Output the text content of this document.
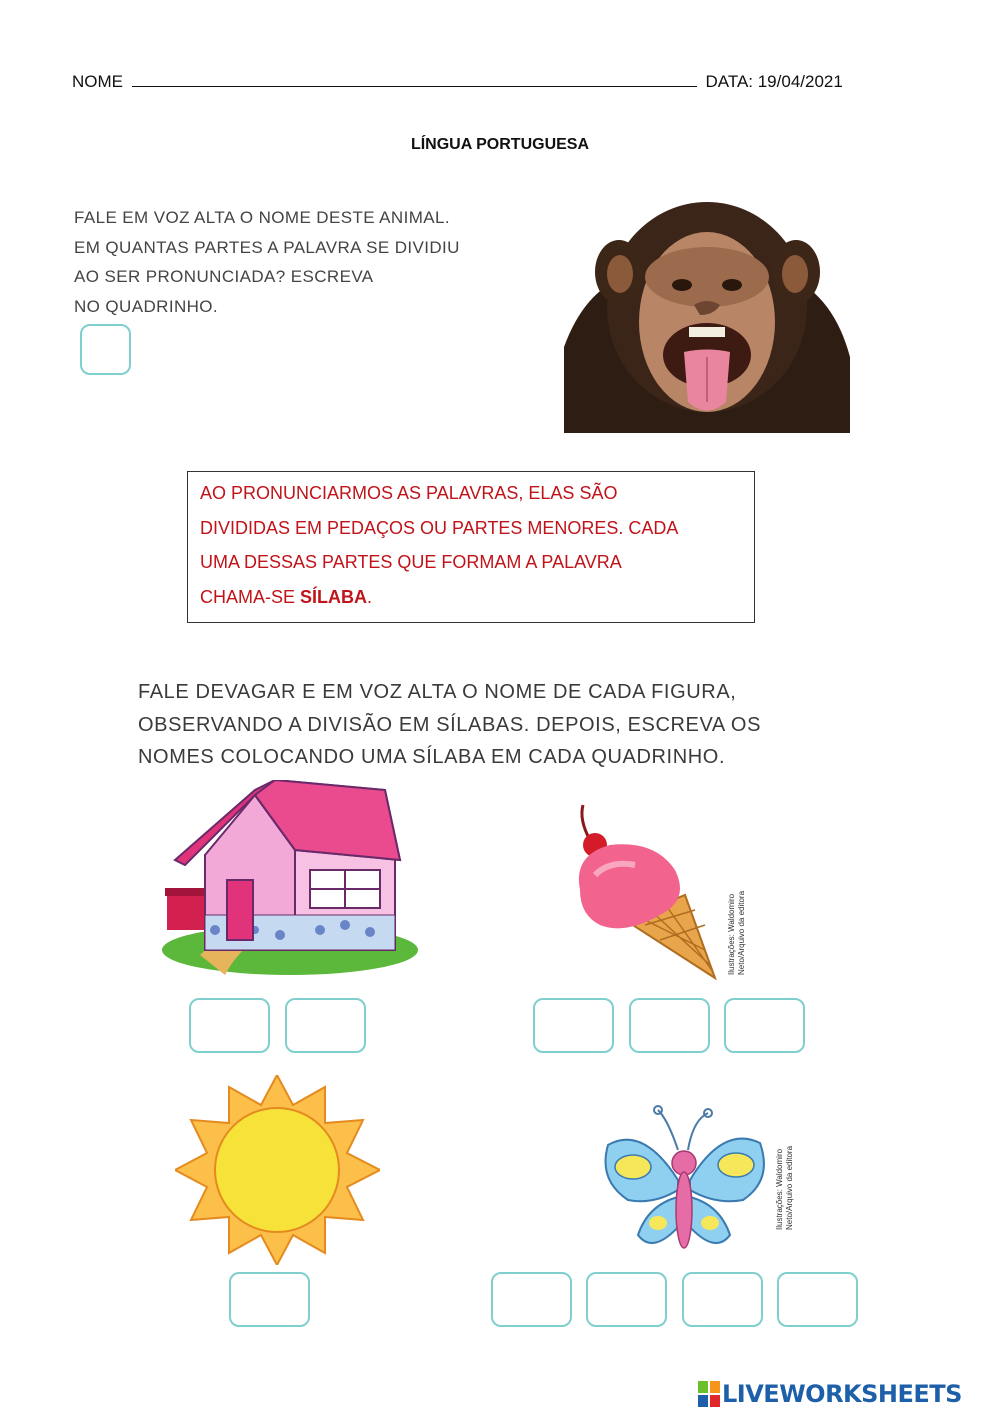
NOME	DATA: 19/04/2021
LÍNGUA PORTUGUESA
FALE EM VOZ ALTA O NOME DESTE ANIMAL.
EM QUANTAS PARTES A PALAVRA SE DIVIDIU
AO SER PRONUNCIADA? ESCREVA
NO QUADRINHO.

AO PRONUNCIARMOS AS PALAVRAS, ELAS SÃO

DIVIDIDAS EM PEDAÇOS OU PARTES MENORES. CADA

UMA DESSAS PARTES QUE FORMAM A PALAVRA

CHAMA-SE SÍLABA.

FALE DEVAGAR E EM VOZ ALTA O NOME DE CADA FIGURA,
OBSERVANDO A DIVISÃO EM SÍLABAS. DEPOIS, ESCREVA OS
NOMES COLOCANDO UMA SÍLABA EM CADA QUADRINHO.
Ilustrações: Waldomiro
Neto/Arquivo da editora
Ilustrações: Waldomiro
Neto/Arquivo da editora
LIVEWORKSHEETS
